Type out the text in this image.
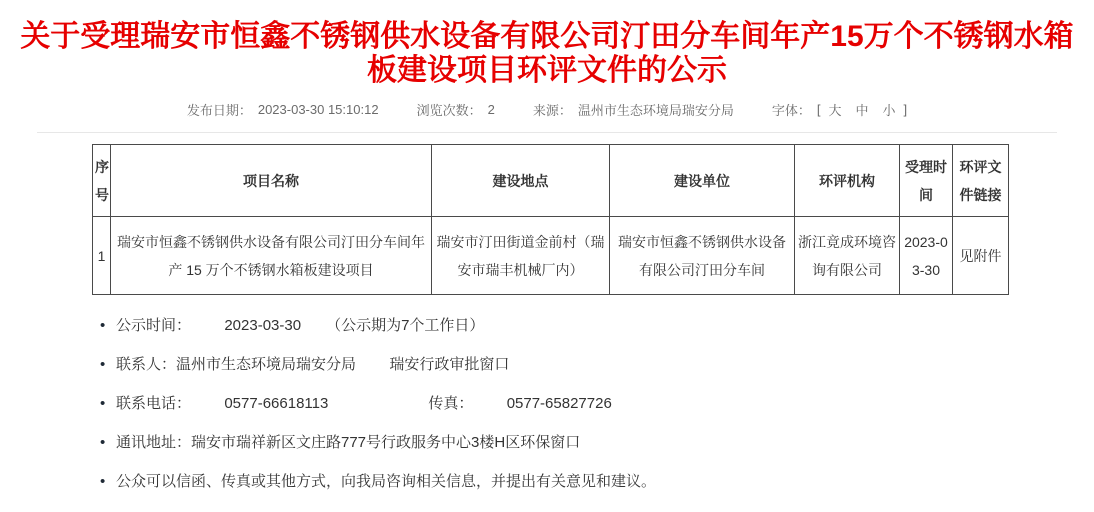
关于受理瑞安市恒鑫不锈钢供水设备有限公司汀田分车间年产15万个不锈钢水箱板建设项目环评文件的公示
发布日期： 2023-03-30 15:10:12	浏览次数： 2	来源： 温州市生态环境局瑞安分局	字体： [ 大 中 小 ]
序号	项目名称	建设地点	建设单位	环评机构	受理时间	环评文件链接
1	瑞安市恒鑫不锈钢供水设备有限公司汀田分车间年产 15 万个不锈钢水箱板建设项目	瑞安市汀田街道金前村（瑞安市瑞丰机械厂内）	瑞安市恒鑫不锈钢供水设备有限公司汀田分车间	浙江竟成环境咨询有限公司	2023-03-30	见附件
• 公示时间：        2023-03-30      （公示期为7个工作日）
• 联系人：温州市生态环境局瑞安分局        瑞安行政审批窗口
• 联系电话：        0577-66618113                        传真：        0577-65827726
• 通讯地址：瑞安市瑞祥新区文庄路777号行政服务中心3楼H区环保窗口
• 公众可以信函、传真或其他方式，向我局咨询相关信息，并提出有关意见和建议。
